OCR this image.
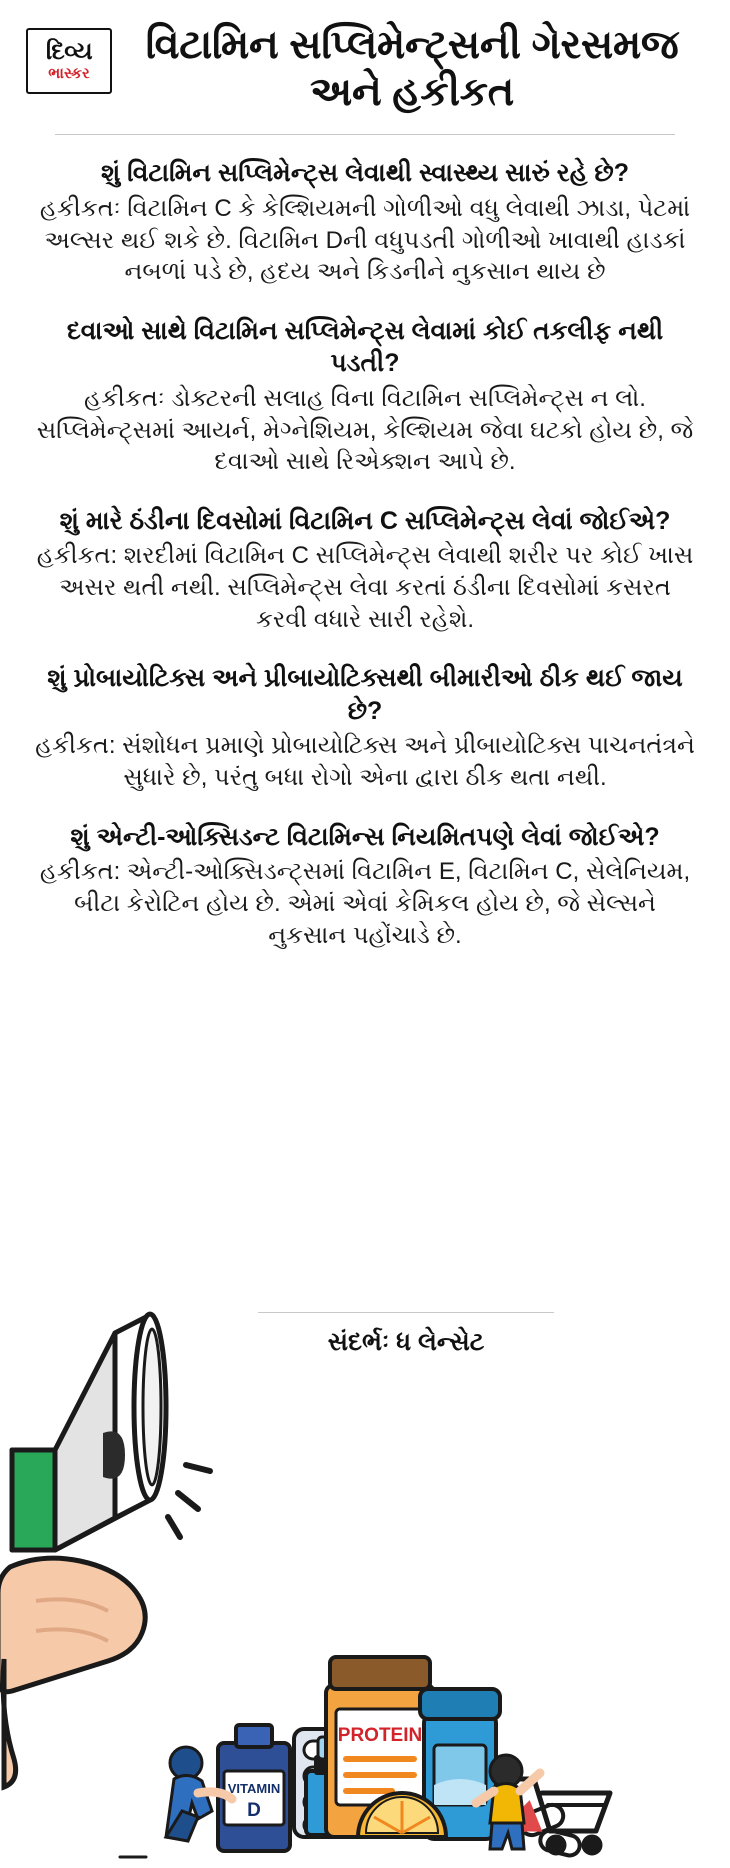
દિવ્ય
ભાસ્કર
વિટામિન સપ્લિમેન્ટ્સની ગેરસમજ અને હકીકત

શું વિટામિન સપ્લિમેન્ટ્સ લેવાથી સ્વાસ્થ્ય સારું રહે છે?

હકીકતઃ વિટામિન C કે કેલ્શિયમની ગોળીઓ વધુ લેવાથી ઝાડા, પેટમાં અલ્સર થઈ શકે છે. વિટામિન Dની વધુપડતી ગોળીઓ ખાવાથી હાડકાં નબળાં પડે છે, હદય અને કિડનીને નુકસાન થાય છે

દવાઓ સાથે વિટામિન સપ્લિમેન્ટ્સ લેવામાં કોઈ તકલીફ નથી પડતી?

હકીકતઃ ડોક્ટરની સલાહ વિના વિટામિન સપ્લિમેન્ટ્સ ન લો. સપ્લિમેન્ટ્સમાં આયર્ન, મેગ્નેશિયમ, કેલ્શિયમ જેવા ઘટકો હોય છે, જે દવાઓ સાથે રિએક્શન આપે છે.

શું મારે ઠંડીના દિવસોમાં વિટામિન C સપ્લિમેન્ટ્સ લેવાં જોઈએ?

હકીકત: શરદીમાં વિટામિન C સપ્લિમેન્ટ્સ લેવાથી શરીર પર કોઈ ખાસ અસર થતી નથી. સપ્લિમેન્ટ્સ લેવા કરતાં ઠંડીના દિવસોમાં કસરત કરવી વધારે સારી રહેશે.

શું પ્રોબાયોટિક્સ અને પ્રીબાયોટિક્સથી બીમારીઓ ઠીક થઈ જાય છે?

હકીકત: સંશોધન પ્રમાણે પ્રોબાયોટિક્સ અને પ્રીબાયોટિક્સ પાચનતંત્રને સુધારે છે, પરંતુ બધા રોગો એના દ્વારા ઠીક થતા નથી.

શું એન્ટી-ઓક્સિડન્ટ વિટામિન્સ નિયમિતપણે લેવાં જોઈએ?

હકીકત: એન્ટી-ઓક્સિડન્ટ્સમાં વિટામિન E, વિટામિન C, સેલેનિયમ, બીટા કેરોટિન હોય છે. એમાં એવાં કેમિકલ હોય છે, જે સેલ્સને નુકસાન પહોંચાડે છે.

સંદર્ભઃ ધ લેન્સેટ
VITAMIN
D
PROTEIN
